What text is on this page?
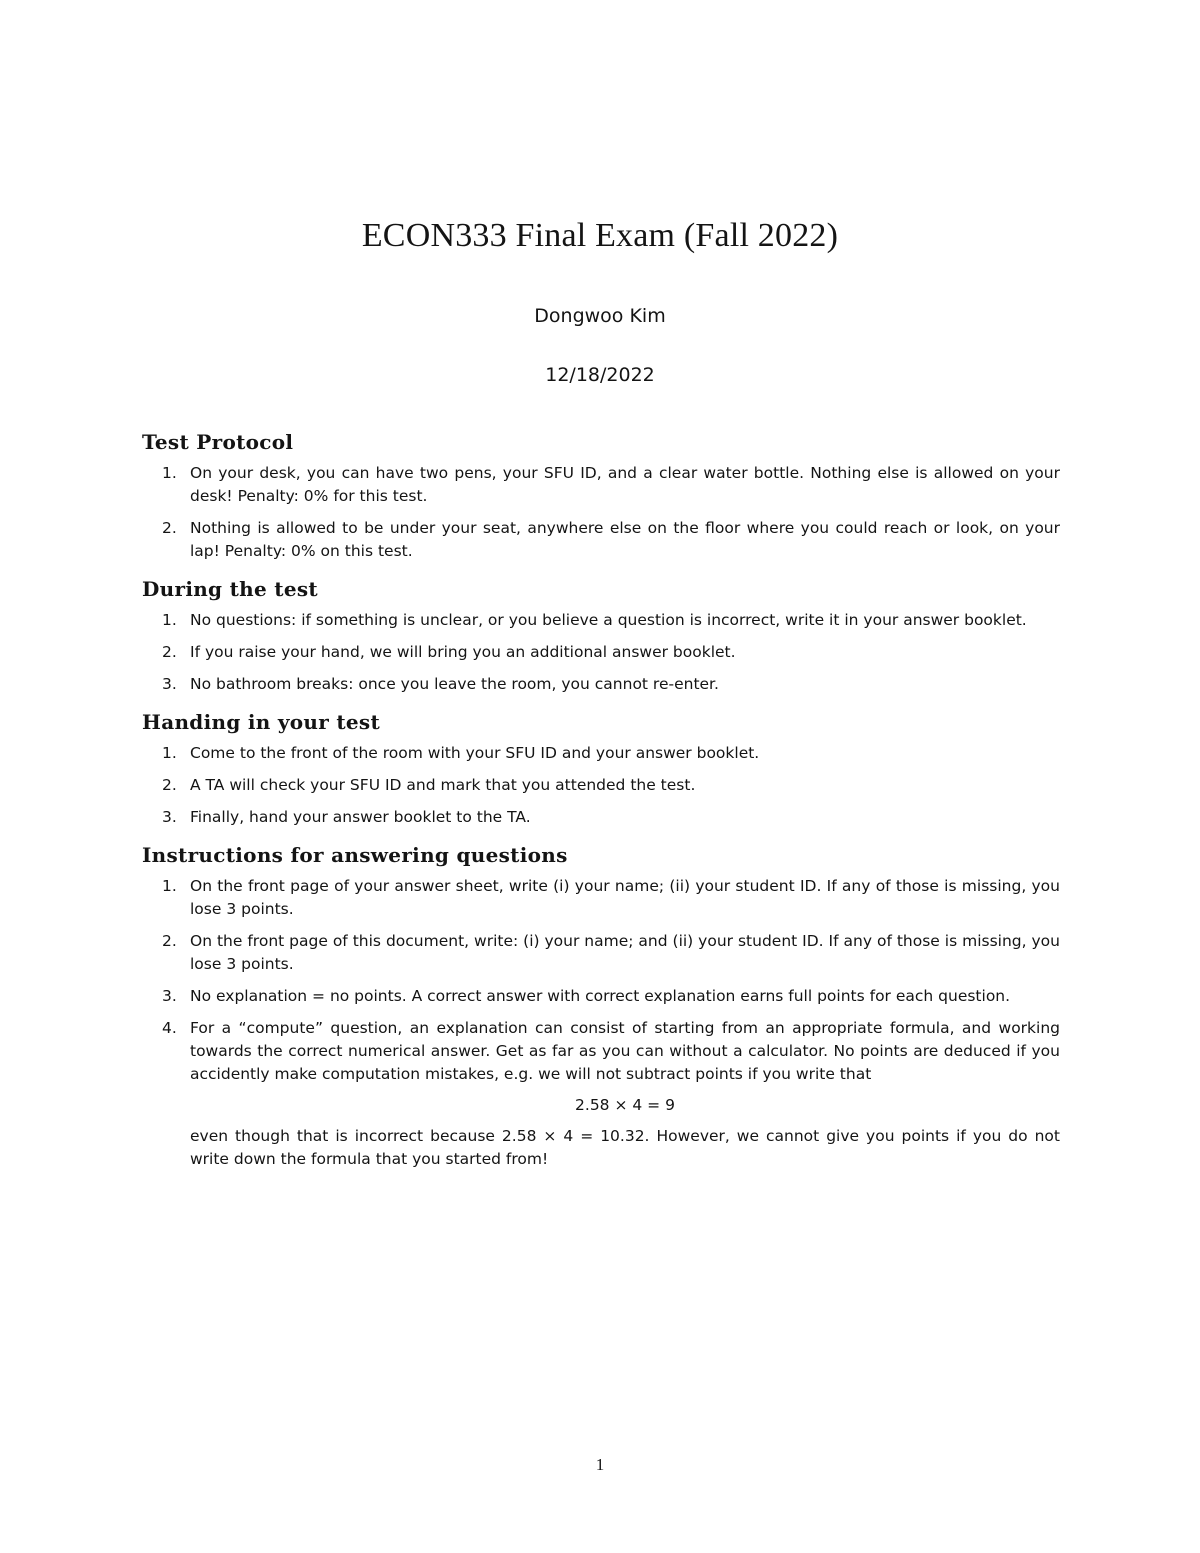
ECON333 Final Exam (Fall 2022)
Dongwoo Kim
12/18/2022
Test Protocol
1. On your desk, you can have two pens, your SFU ID, and a clear water bottle. Nothing else is allowed on your desk! Penalty: 0% for this test.
2. Nothing is allowed to be under your seat, anywhere else on the floor where you could reach or look, on your lap! Penalty: 0% on this test.
During the test
1. No questions: if something is unclear, or you believe a question is incorrect, write it in your answer booklet.
2. If you raise your hand, we will bring you an additional answer booklet.
3. No bathroom breaks: once you leave the room, you cannot re-enter.
Handing in your test
1. Come to the front of the room with your SFU ID and your answer booklet.
2. A TA will check your SFU ID and mark that you attended the test.
3. Finally, hand your answer booklet to the TA.
Instructions for answering questions
1. On the front page of your answer sheet, write (i) your name; (ii) your student ID. If any of those is missing, you lose 3 points.
2. On the front page of this document, write: (i) your name; and (ii) your student ID. If any of those is missing, you lose 3 points.
3. No explanation = no points. A correct answer with correct explanation earns full points for each question.
4. For a “compute” question, an explanation can consist of starting from an appropriate formula, and working towards the correct numerical answer. Get as far as you can without a calculator. No points are deduced if you accidently make computation mistakes, e.g. we will not subtract points if you write that
2.58 × 4 = 9
even though that is incorrect because 2.58 × 4 = 10.32. However, we cannot give you points if you do not write down the formula that you started from!
1
